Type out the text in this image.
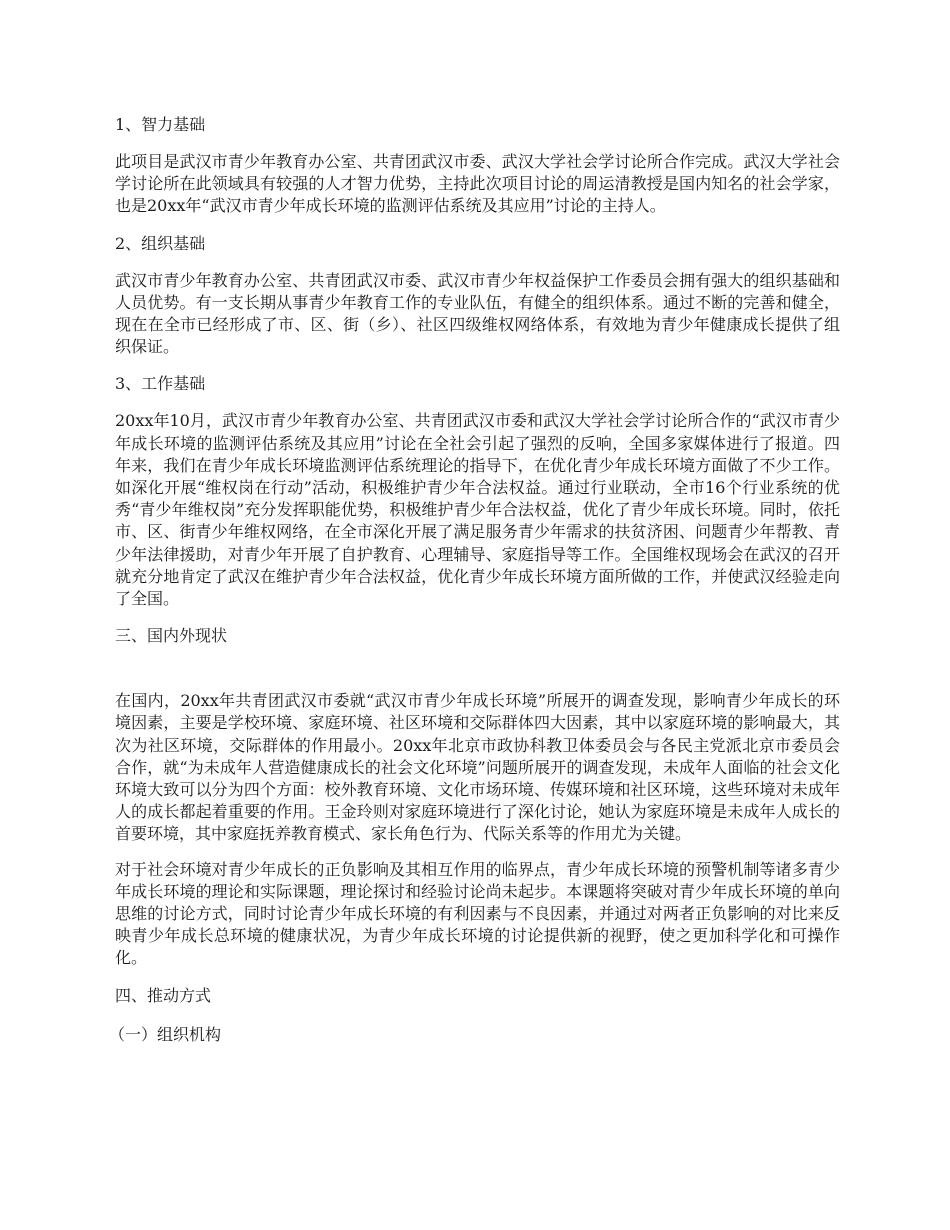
1、智力基础
此项目是武汉市青少年教育办公室、共青团武汉市委、武汉大学社会学讨论所合作完成。武汉大学社会学讨论所在此领域具有较强的人才智力优势，主持此次项目讨论的周运清教授是国内知名的社会学家，也是20xx年“武汉市青少年成长环境的监测评估系统及其应用”讨论的主持人。
2、组织基础
武汉市青少年教育办公室、共青团武汉市委、武汉市青少年权益保护工作委员会拥有强大的组织基础和人员优势。有一支长期从事青少年教育工作的专业队伍，有健全的组织体系。通过不断的完善和健全，现在在全市已经形成了市、区、街（乡）、社区四级维权网络体系，有效地为青少年健康成长提供了组织保证。
3、工作基础
20xx年10月，武汉市青少年教育办公室、共青团武汉市委和武汉大学社会学讨论所合作的“武汉市青少年成长环境的监测评估系统及其应用”讨论在全社会引起了强烈的反响，全国多家媒体进行了报道。四年来，我们在青少年成长环境监测评估系统理论的指导下，在优化青少年成长环境方面做了不少工作。如深化开展“维权岗在行动”活动，积极维护青少年合法权益。通过行业联动，全市16个行业系统的优秀“青少年维权岗”充分发挥职能优势，积极维护青少年合法权益，优化了青少年成长环境。同时，依托市、区、街青少年维权网络，在全市深化开展了满足服务青少年需求的扶贫济困、问题青少年帮教、青少年法律援助，对青少年开展了自护教育、心理辅导、家庭指导等工作。全国维权现场会在武汉的召开就充分地肯定了武汉在维护青少年合法权益，优化青少年成长环境方面所做的工作，并使武汉经验走向了全国。
三、国内外现状
在国内，20xx年共青团武汉市委就“武汉市青少年成长环境”所展开的调查发现，影响青少年成长的环境因素，主要是学校环境、家庭环境、社区环境和交际群体四大因素，其中以家庭环境的影响最大，其次为社区环境，交际群体的作用最小。20xx年北京市政协科教卫体委员会与各民主党派北京市委员会合作，就“为未成年人营造健康成长的社会文化环境”问题所展开的调查发现，未成年人面临的社会文化环境大致可以分为四个方面：校外教育环境、文化市场环境、传媒环境和社区环境，这些环境对未成年人的成长都起着重要的作用。王金玲则对家庭环境进行了深化讨论，她认为家庭环境是未成年人成长的首要环境，其中家庭抚养教育模式、家长角色行为、代际关系等的作用尤为关键。
对于社会环境对青少年成长的正负影响及其相互作用的临界点，青少年成长环境的预警机制等诸多青少年成长环境的理论和实际课题，理论探讨和经验讨论尚未起步。本课题将突破对青少年成长环境的单向思维的讨论方式，同时讨论青少年成长环境的有利因素与不良因素，并通过对两者正负影响的对比来反映青少年成长总环境的健康状况，为青少年成长环境的讨论提供新的视野，使之更加科学化和可操作化。
四、推动方式
（一）组织机构
